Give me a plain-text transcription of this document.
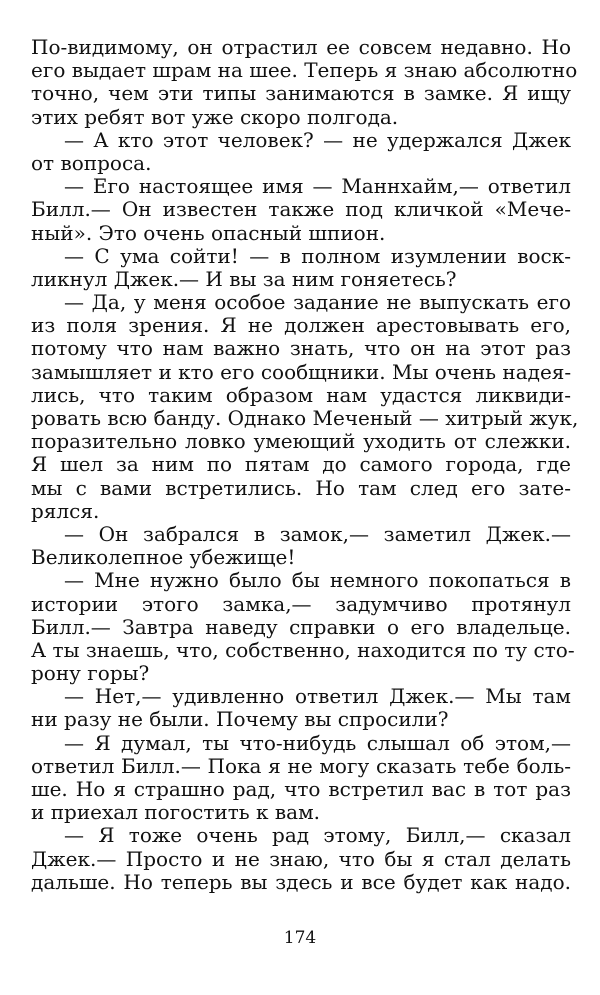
По-видимому, он отрастил ее совсем недавно. Но
его выдает шрам на шее. Теперь я знаю абсолютно
точно, чем эти типы занимаются в замке. Я ищу
этих ребят вот уже скоро полгода.
— А кто этот человек? — не удержался Джек
от вопроса.
— Его настоящее имя — Маннхайм,— ответил
Билл.— Он известен также под кличкой «Мече-
ный». Это очень опасный шпион.
— С ума сойти! — в полном изумлении воск-
ликнул Джек.— И вы за ним гоняетесь?
— Да, у меня особое задание не выпускать его
из поля зрения. Я не должен арестовывать его,
потому что нам важно знать, что он на этот раз
замышляет и кто его сообщники. Мы очень надея-
лись, что таким образом нам удастся ликвиди-
ровать всю банду. Однако Меченый — хитрый жук,
поразительно ловко умеющий уходить от слежки.
Я шел за ним по пятам до самого города, где
мы с вами встретились. Но там след его зате-
рялся.
— Он забрался в замок,— заметил Джек.—
Великолепное убежище!
— Мне нужно было бы немного покопаться в
истории этого замка,— задумчиво протянул
Билл.— Завтра наведу справки о его владельце.
А ты знаешь, что, собственно, находится по ту сто-
рону горы?
— Нет,— удивленно ответил Джек.— Мы там
ни разу не были. Почему вы спросили?
— Я думал, ты что-нибудь слышал об этом,—
ответил Билл.— Пока я не могу сказать тебе боль-
ше. Но я страшно рад, что встретил вас в тот раз
и приехал погостить к вам.
— Я тоже очень рад этому, Билл,— сказал
Джек.— Просто и не знаю, что бы я стал делать
дальше. Но теперь вы здесь и все будет как надо.
174
